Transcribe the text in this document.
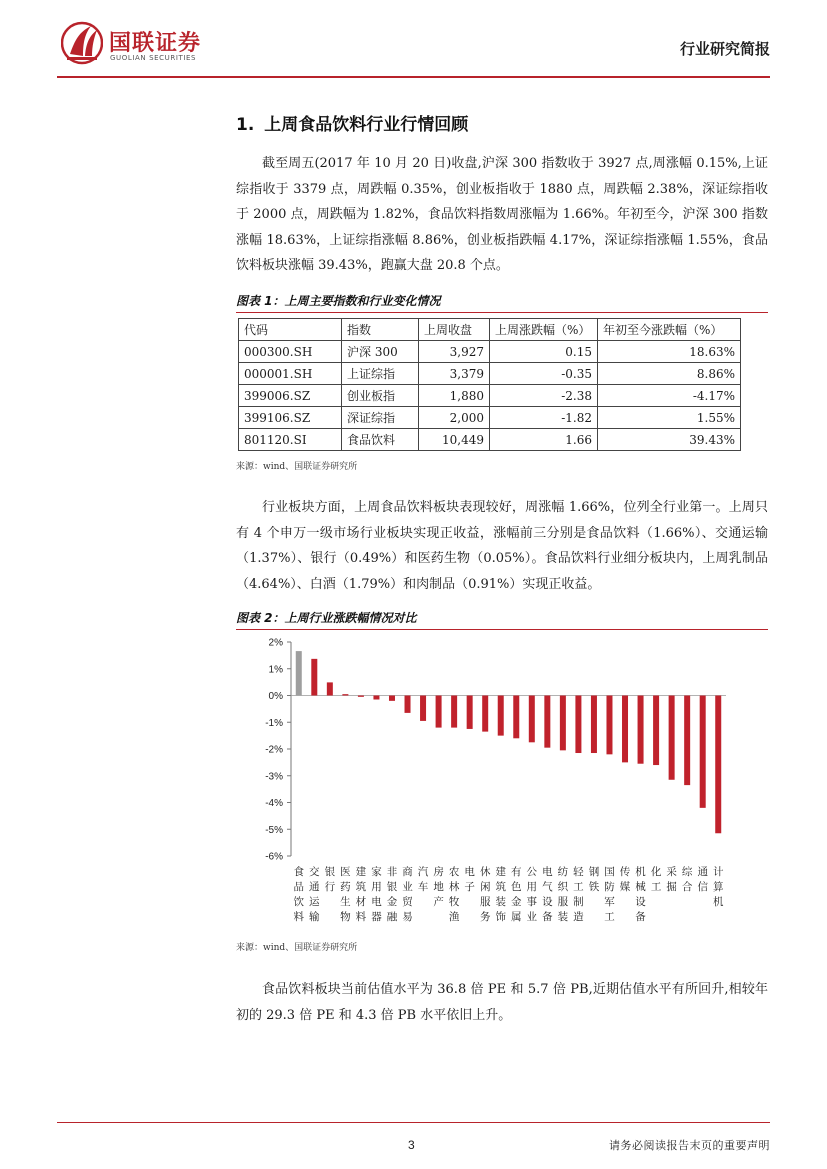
国联证券
GUOLIAN SECURITIES	行业研究简报
1. 上周食品饮料行业行情回顾
截至周五(2017 年 10 月 20 日)收盘,沪深 300 指数收于 3927 点,周涨幅 0.15%,上证综指收于 3379 点，周跌幅 0.35%，创业板指收于 1880 点，周跌幅 2.38%，深证综指收于 2000 点，周跌幅为 1.82%，食品饮料指数周涨幅为 1.66%。年初至今，沪深 300 指数涨幅 18.63%，上证综指涨幅 8.86%，创业板指跌幅 4.17%，深证综指涨幅 1.55%，食品饮料板块涨幅 39.43%，跑赢大盘 20.8 个点。
图表 1：上周主要指数和行业变化情况
代码	指数	上周收盘	上周涨跌幅（%）	年初至今涨跌幅（%）
000300.SH	沪深 300	3,927	0.15	18.63%
000001.SH	上证综指	3,379	-0.35	8.86%
399006.SZ	创业板指	1,880	-2.38	-4.17%
399106.SZ	深证综指	2,000	-1.82	1.55%
801120.SI	食品饮料	10,449	1.66	39.43%
来源：wind、国联证券研究所
行业板块方面，上周食品饮料板块表现较好，周涨幅 1.66%，位列全行业第一。上周只有 4 个申万一级市场行业板块实现正收益，涨幅前三分别是食品饮料（1.66%）、交通运输（1.37%）、银行（0.49%）和医药生物（0.05%）。食品饮料行业细分板块内，上周乳制品（4.64%）、白酒（1.79%）和肉制品（0.91%）实现正收益。
图表 2：上周行业涨跌幅情况对比
2%
1%
0%
-1%
-2%
-3%
-4%
-5%
-6%
食品饮料
交通运输
银行
医药生物
建筑材料
家用电器
非银金融
商业贸易
汽车
房地产
农林牧渔
电子
休闲服务
建筑装饰
有色金属
公用事业
电气设备
纺织服装
轻工制造
钢铁
国防军工
传媒
机械设备
化工
采掘
综合
通信
计算机
来源：wind、国联证券研究所
食品饮料板块当前估值水平为 36.8 倍 PE 和 5.7 倍 PB,近期估值水平有所回升,相较年初的 29.3 倍 PE 和 4.3 倍 PB 水平依旧上升。
3	请务必阅读报告末页的重要声明
